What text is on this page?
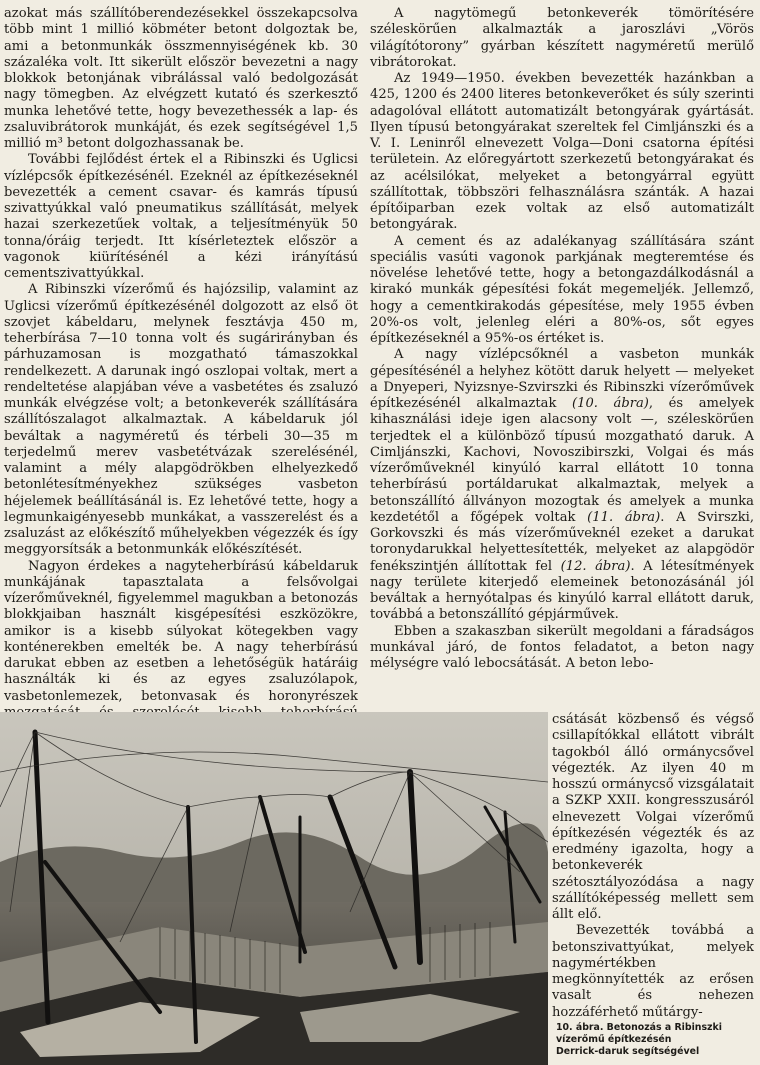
azokat más szállítóberendezésekkel összekapcsolva több mint 1 millió köbméter betont dolgoztak be, ami a betonmunkák összmennyiségének kb. 30 százaléka volt. Itt sikerült először bevezetni a nagy blokkok betonjának vibrálással való bedolgozását nagy tömegben. Az elvégzett kutató és szerkesztő munka lehetővé tette, hogy bevezethessék a lap- és zsaluvibrátorok munkáját, és ezek segítségével 1,5 millió m³ betont dolgozhassanak be.

További fejlődést értek el a Ribinszki és Uglicsi vízlépcsők építkezésénél. Ezeknél az építkezéseknél bevezették a cement csavar- és kamrás típusú szivattyúkkal való pneumatikus szállítását, melyek hazai szerkezetűek voltak, a teljesítményük 50 tonna/óráig terjedt. Itt kísérleteztek először a vagonok kiürítésénél a kézi irányítású cementszivattyúkkal.

A Ribinszki vízerőmű és hajózsilip, valamint az Uglicsi vízerőmű építkezésénél dolgozott az első öt szovjet kábeldaru, melynek fesztávja 450 m, teherbírása 7—10 tonna volt és sugárirányban és párhuzamosan is mozgatható támaszokkal rendelkezett. A darunak ingó oszlopai voltak, mert a rendeltetése alapjában véve a vasbetétes és zsaluzó munkák elvégzése volt; a betonkeverék szállítására szállítószalagot alkalmaztak. A kábeldaruk jól beváltak a nagyméretű és térbeli 30—35 m terjedelmű merev vasbetétvázak szerelésénél, valamint a mély alapgödrökben elhelyezkedő betonlétesítményekhez szükséges vasbeton héjelemek beállításánál is. Ez lehetővé tette, hogy a legmunkaigényesebb munkákat, a vasszerelést és a zsaluzást az előkészítő műhelyekben végezzék és így meggyorsítsák a betonmunkák előkészítését.

Nagyon érdekes a nagyteherbírású kábeldaruk munkájának tapasztalata a felsővolgai vízerőműveknél, figyelemmel magukban a betonozás blokkjaiban használt kisgépesítési eszközökre, amikor is a kisebb súlyokat kötegekben vagy konténerekben emelték be. A nagy teherbírású darukat ebben az esetben a lehetőségük határáig használták ki és az egyes zsaluzólapok, vasbetonlemezek, betonvasak és horonyrészek

A nagytömegű betonkeverék tömörítésére széleskörűen alkalmazták a jaroszlávi „Vörös világítótorony” gyárban készített nagyméretű merülő vibrátorokat.

Az 1949—1950. években bevezették hazánkban a 425, 1200 és 2400 literes betonkeverőket és súly szerinti adagolóval ellátott automatizált betongyárak gyártását. Ilyen típusú betongyárakat szereltek fel Cimljánszki és a V. I. Leninről elnevezett Volga—Doni csatorna építési területein. Az előregyártott szerkezetű betongyárakat és az acélsilókat, melyeket a betongyárral együtt szállítottak, többszöri felhasználásra szánták. A hazai építőiparban ezek voltak az első automatizált betongyárak.

A cement és az adalékanyag szállítására szánt speciális vasúti vagonok parkjának megteremtése és növelése lehetővé tette, hogy a betongazdálkodásnál a kirakó munkák gépesítési fokát megemeljék. Jellemző, hogy a cementkirakodás gépesítése, mely 1955 évben 20%-os volt, jelenleg eléri a 80%-os, sőt egyes építkezéseknél a 95%-os értéket is.

A nagy vízlépcsőknél a vasbeton munkák gépesítésénél a helyhez kötött daruk helyett — melyeket a Dnyeperi, Nyizsnye-Szvirszki és Ribinszki vízerőművek építkezésénél alkalmaztak (10. ábra), és amelyek kihasználási ideje igen alacsony volt —, széleskörűen terjedtek el a különböző típusú mozgatható daruk. A Cimljánszki, Kachovi, Novoszibirszki, Volgai és más vízerőműveknél kinyúló karral ellátott 10 tonna teherbírású portáldarukat alkalmaztak, melyek a betonszállító állványon mozogtak és amelyek a munka kezdetétől a főgépek voltak (11. ábra). A Svirszki, Gorkovszki és más vízerőműveknél ezeket a darukat toronydarukkal helyettesítették, melyeket az alapgödör fenékszintjén állítottak fel (12. ábra). A létesítmények nagy területe kiterjedő elemeinek betonozásánál jól beváltak a hernyótalpas és kinyúló karral ellátott daruk, továbbá a betonszállító gépjárművek.

Ebben a szakaszban sikerült megoldani a fáradságos munkával járó, de fontos feladatot, a beton nagy mélységre való lebocsátását. A beton lebo-

csátását közbenső és végső csillapítókkal ellátott vibrált tagokból álló ormánycsővel végezték. Az ilyen 40 m hosszú ormánycső vizsgálatait a SZKP XXII. kongresszusáról elnevezett Volgai vízerőmű építkezésén végezték és az eredmény igazolta, hogy a betonkeverék szétosztályozódása a nagy szállítóképesség mellett sem állt elő.

Bevezették továbbá a betonszivattyúkat, melyek nagymértékben megkönnyítették az erősen vasalt és nehezen hozzáférhető műtárgy-

10. ábra. Betonozás a Ribinszki
vízerőmű építkezésén
Derrick-daruk segítségével
